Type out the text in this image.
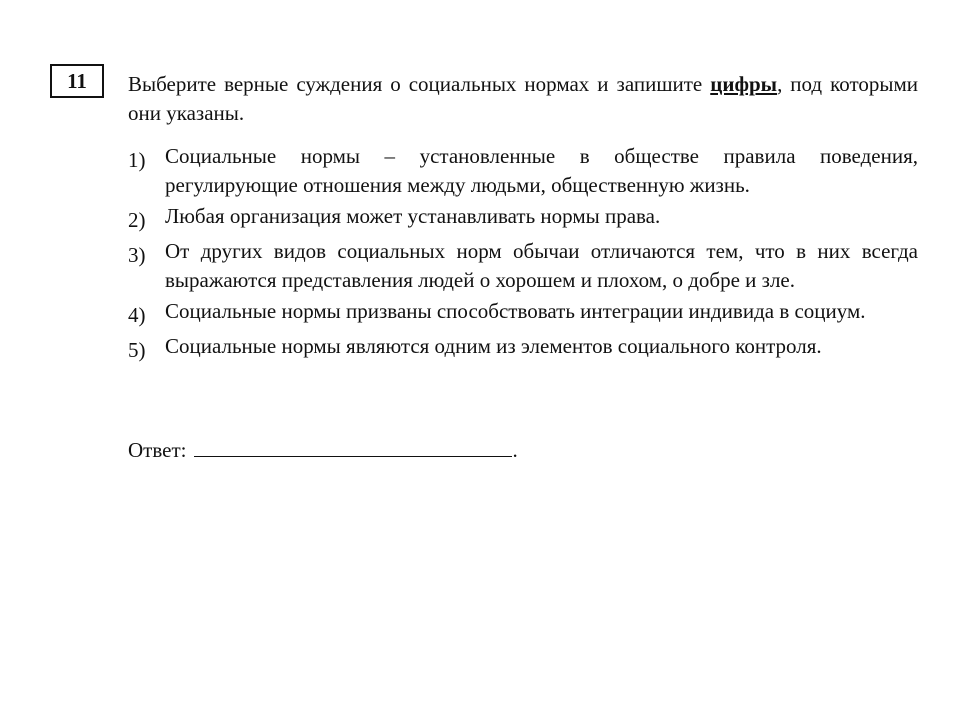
11 Выберите верные суждения о социальных нормах и запишите цифры, под которыми они указаны.

1) Социальные нормы – установленные в обществе правила поведения, регулирующие отношения между людьми, общественную жизнь.
2) Любая организация может устанавливать нормы права.
3) От других видов социальных норм обычаи отличаются тем, что в них всегда выражаются представления людей о хорошем и плохом, о добре и зле.
4) Социальные нормы призваны способствовать интеграции индивида в социум.
5) Социальные нормы являются одним из элементов социального контроля.
Ответ:	.
